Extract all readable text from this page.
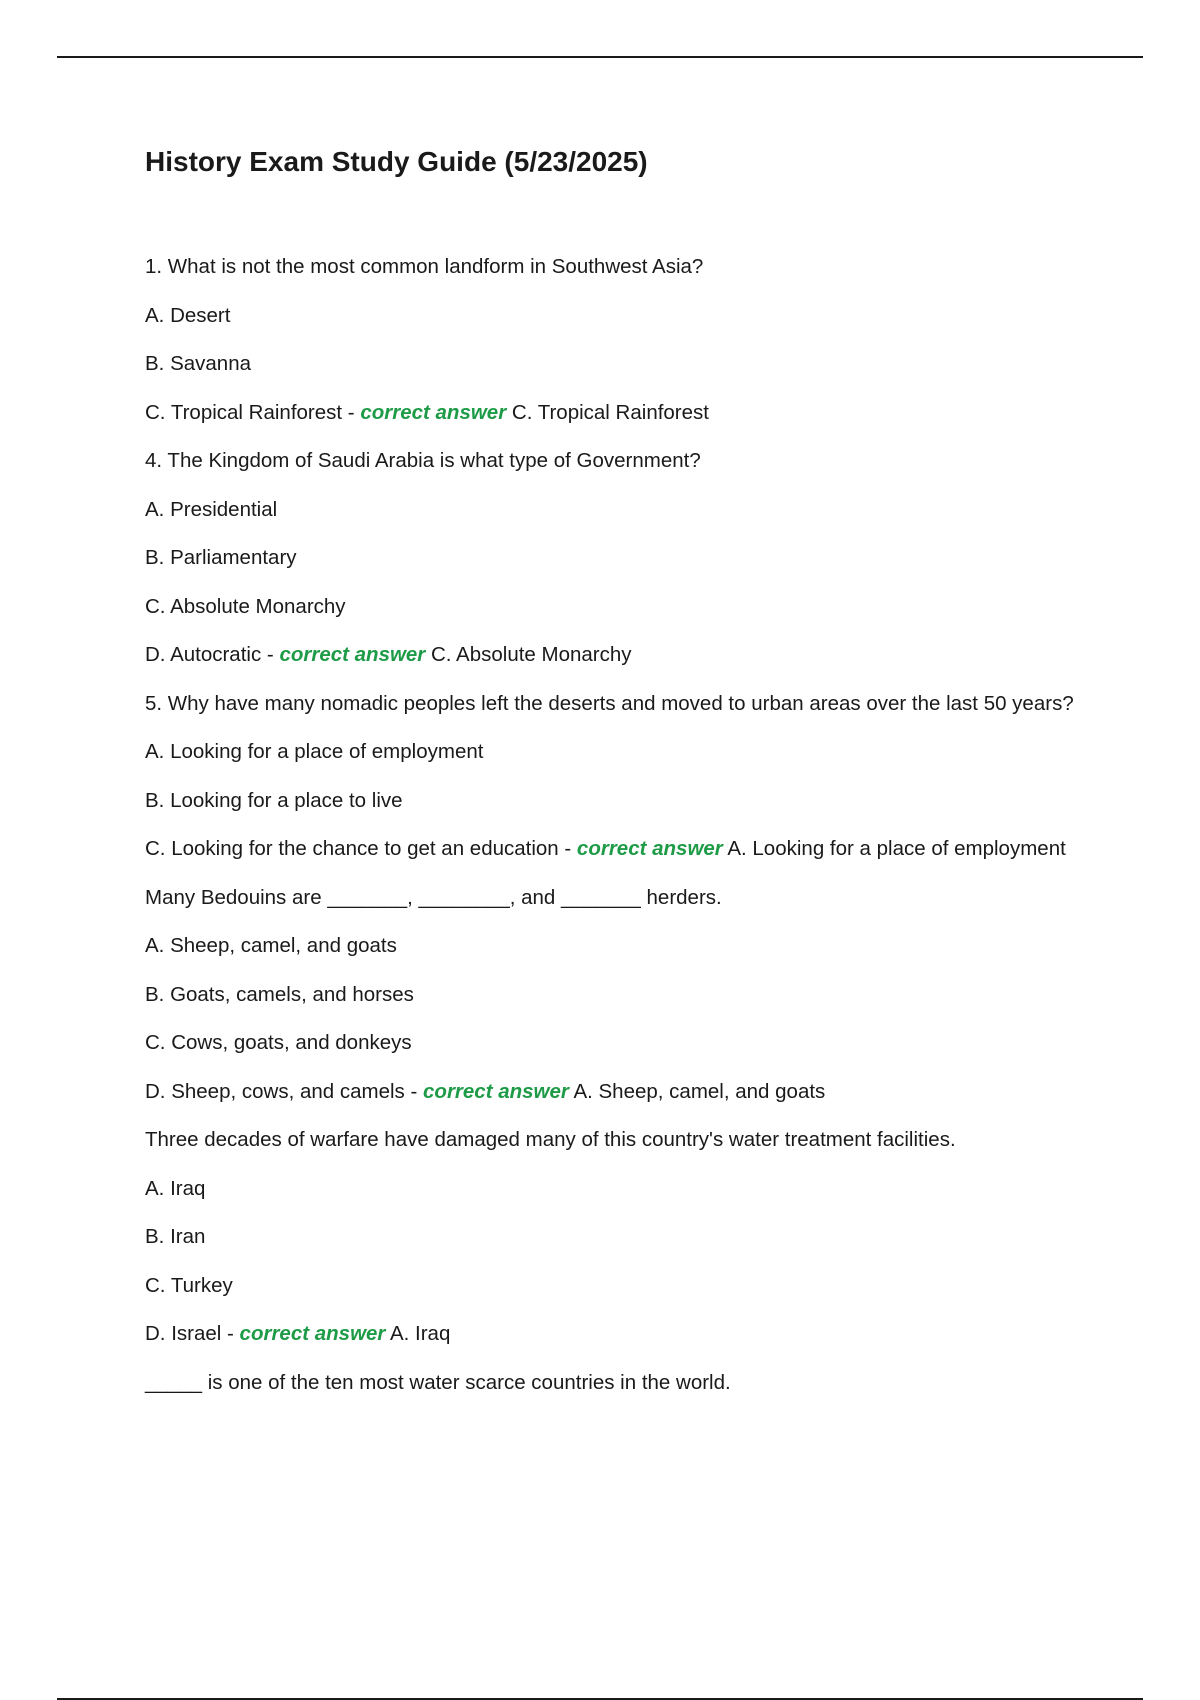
History Exam Study Guide (5/23/2025)

1. What is not the most common landform in Southwest Asia?

A. Desert

B. Savanna

C. Tropical Rainforest - correct answer C. Tropical Rainforest

4. The Kingdom of Saudi Arabia is what type of Government?

A. Presidential

B. Parliamentary

C. Absolute Monarchy

D. Autocratic - correct answer C. Absolute Monarchy

5. Why have many nomadic peoples left the deserts and moved to urban areas over the last 50 years?

A. Looking for a place of employment

B. Looking for a place to live

C. Looking for the chance to get an education - correct answer A. Looking for a place of employment

Many Bedouins are _______, ________, and _______ herders.

A. Sheep, camel, and goats

B. Goats, camels, and horses

C. Cows, goats, and donkeys

D. Sheep, cows, and camels - correct answer A. Sheep, camel, and goats

Three decades of warfare have damaged many of this country's water treatment facilities.

A. Iraq

B. Iran

C. Turkey

D. Israel - correct answer A. Iraq

_____ is one of the ten most water scarce countries in the world.
